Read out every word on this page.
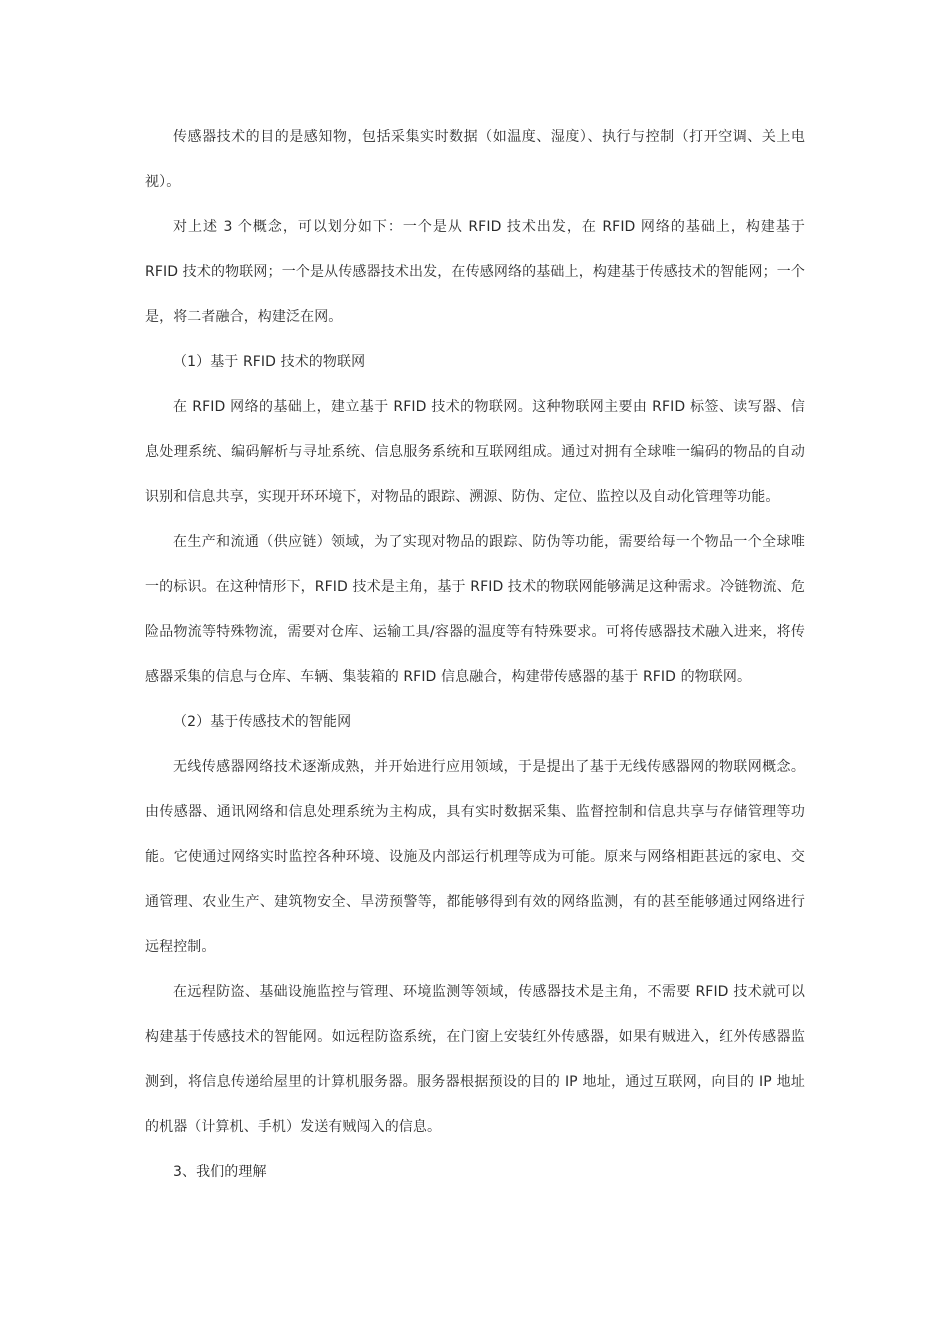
传感器技术的目的是感知物，包括采集实时数据（如温度、湿度）、执行与控制（打开空调、关上电视）。

对上述 3 个概念，可以划分如下：一个是从 RFID 技术出发，在 RFID 网络的基础上，构建基于 RFID 技术的物联网；一个是从传感器技术出发，在传感网络的基础上，构建基于传感技术的智能网；一个是，将二者融合，构建泛在网。

（1）基于 RFID 技术的物联网

在 RFID 网络的基础上，建立基于 RFID 技术的物联网。这种物联网主要由 RFID 标签、读写器、信息处理系统、编码解析与寻址系统、信息服务系统和互联网组成。通过对拥有全球唯一编码的物品的自动识别和信息共享，实现开环环境下，对物品的跟踪、溯源、防伪、定位、监控以及自动化管理等功能。

在生产和流通（供应链）领域，为了实现对物品的跟踪、防伪等功能，需要给每一个物品一个全球唯一的标识。在这种情形下，RFID 技术是主角，基于 RFID 技术的物联网能够满足这种需求。冷链物流、危险品物流等特殊物流，需要对仓库、运输工具/容器的温度等有特殊要求。可将传感器技术融入进来，将传感器采集的信息与仓库、车辆、集装箱的 RFID 信息融合，构建带传感器的基于 RFID 的物联网。

（2）基于传感技术的智能网

无线传感器网络技术逐渐成熟，并开始进行应用领域，于是提出了基于无线传感器网的物联网概念。由传感器、通讯网络和信息处理系统为主构成，具有实时数据采集、监督控制和信息共享与存储管理等功能。它使通过网络实时监控各种环境、设施及内部运行机理等成为可能。原来与网络相距甚远的家电、交通管理、农业生产、建筑物安全、旱涝预警等，都能够得到有效的网络监测，有的甚至能够通过网络进行远程控制。

在远程防盗、基础设施监控与管理、环境监测等领域，传感器技术是主角，不需要 RFID 技术就可以构建基于传感技术的智能网。如远程防盗系统，在门窗上安装红外传感器，如果有贼进入，红外传感器监测到，将信息传递给屋里的计算机服务器。服务器根据预设的目的 IP 地址，通过互联网，向目的 IP 地址的机器（计算机、手机）发送有贼闯入的信息。

3、我们的理解
